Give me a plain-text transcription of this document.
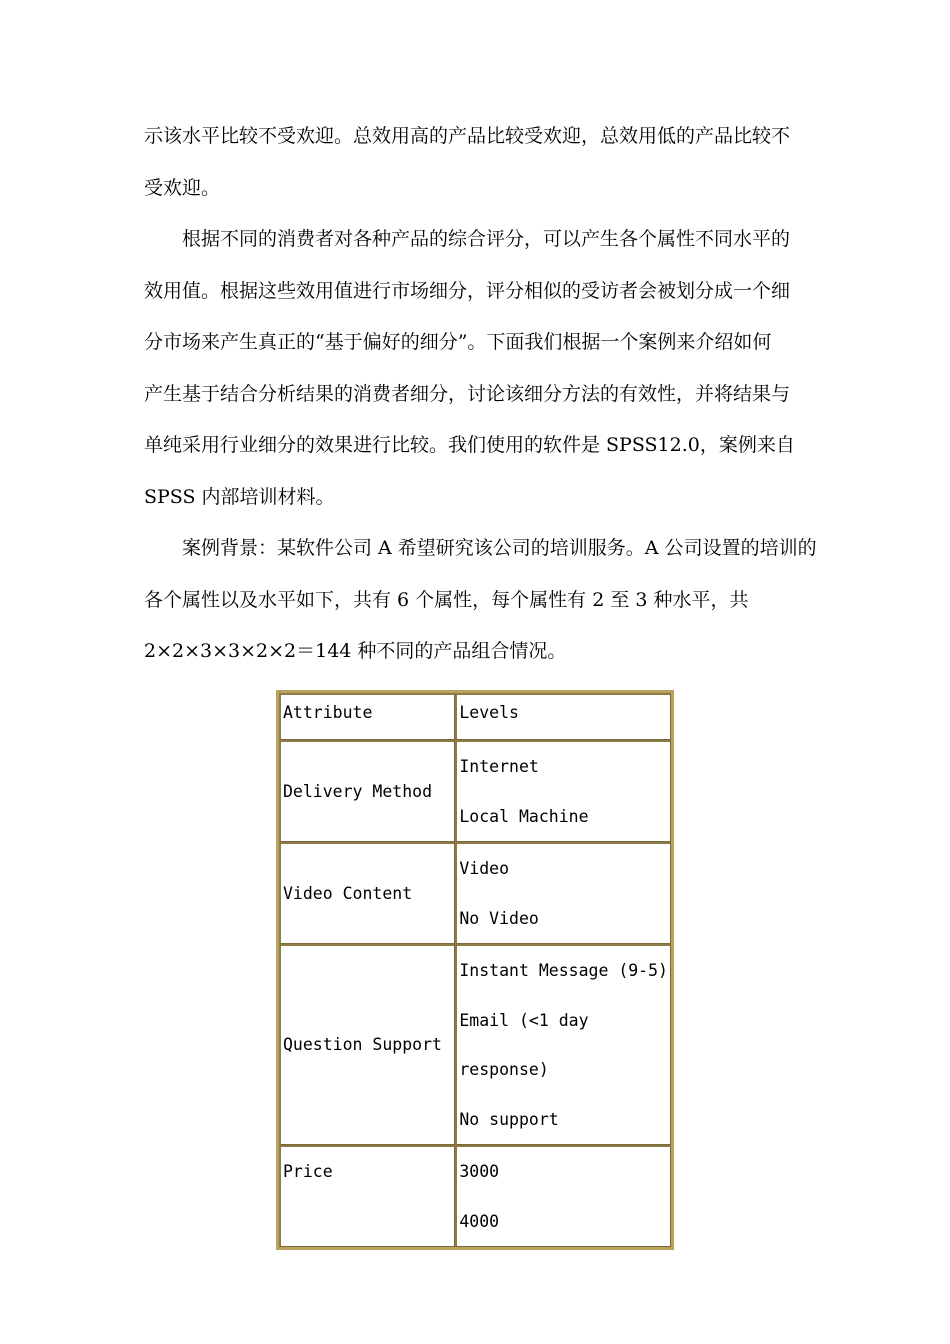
示该水平比较不受欢迎。总效用高的产品比较受欢迎，总效用低的产品比较不
受欢迎。
根据不同的消费者对各种产品的综合评分，可以产生各个属性不同水平的
效用值。根据这些效用值进行市场细分，评分相似的受访者会被划分成一个细
分市场来产生真正的“基于偏好的细分”。下面我们根据一个案例来介绍如何
产生基于结合分析结果的消费者细分，讨论该细分方法的有效性，并将结果与
单纯采用行业细分的效果进行比较。我们使用的软件是 SPSS12.0，案例来自
SPSS 内部培训材料。
案例背景：某软件公司 A 希望研究该公司的培训服务。A 公司设置的培训的
各个属性以及水平如下，共有 6 个属性，每个属性有 2 至 3 种水平，共
2×2×3×3×2×2＝144 种不同的产品组合情况。
Attribute	Levels
Delivery Method	Internet
Local Machine

Video Content	Video
No Video

Question Support	Instant Message (9-5)
Email (<1 day
response)
No support

Price	3000
4000
